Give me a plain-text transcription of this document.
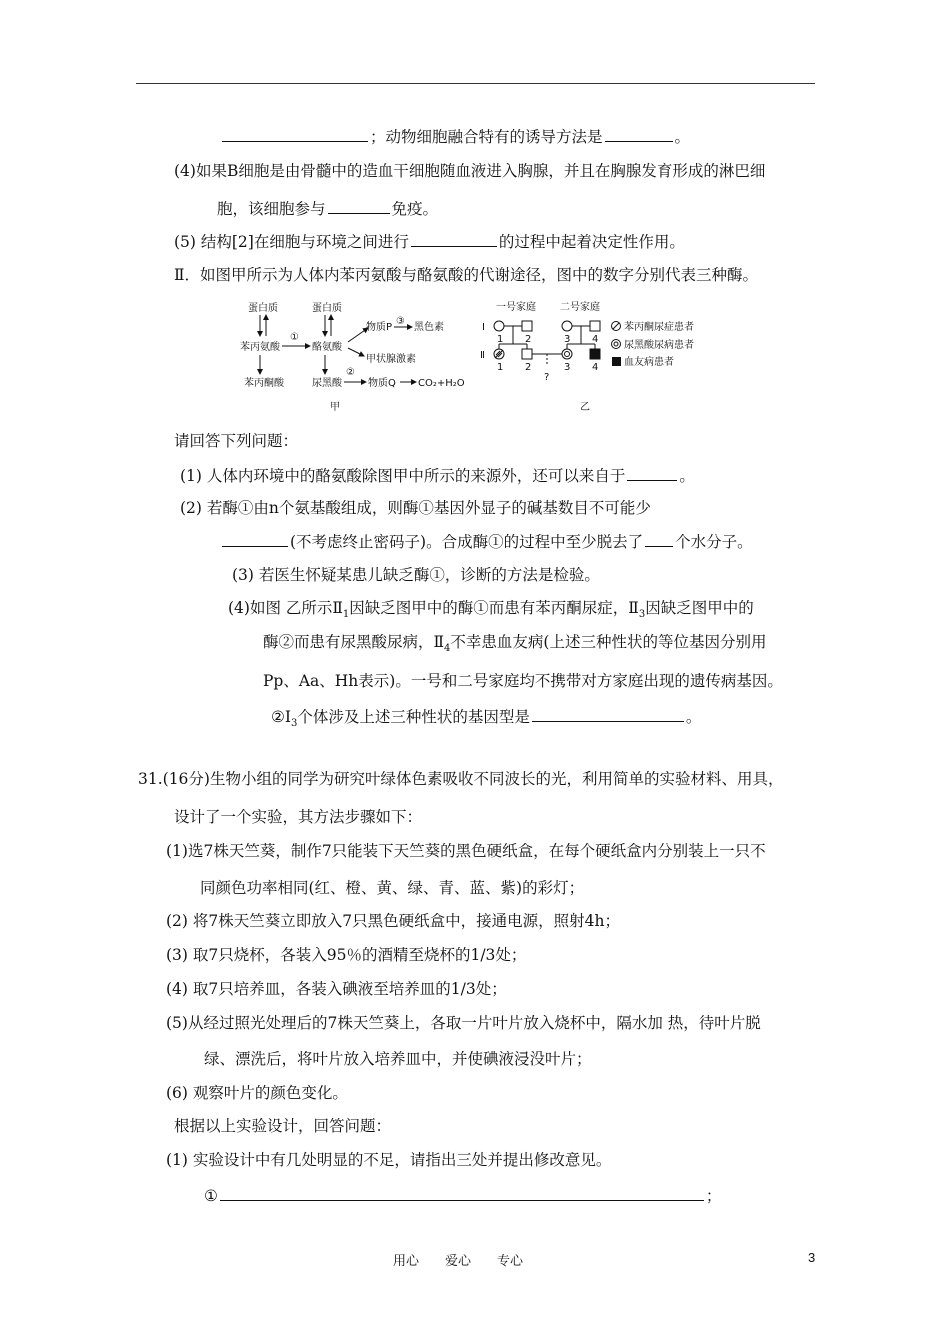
；动物细胞融合特有的诱导方法是	。
(4)如果B细胞是由骨髓中的造血干细胞随血液进入胸腺，并且在胸腺发育形成的淋巴细
胞，该细胞参与	免疫。
(5) 结构[2]在细胞与环境之间进行	的过程中起着决定性作用。
Ⅱ．如图甲所示为人体内苯丙氨酸与酪氨酸的代谢途径，图中的数字分别代表三种酶。
蛋白质	蛋白质
苯丙氨酸
①
酪氨酸
物质P
③
黑色素
甲状腺激素
苯丙酮酸	尿黑酸
②
物质Q CO₂+H₂O
甲
一号家庭 二号家庭
Ⅰ
Ⅱ
1 2	3 4
1 2	3 4
?
苯丙酮尿症患者
尿黑酸尿病患者
血友病患者
乙
请回答下列问题：
(1) 人体内环境中的酪氨酸除图甲中所示的来源外，还可以来自于	。
(2) 若酶①由n个氨基酸组成，则酶①基因外显子的碱基数目不可能少
(不考虑终止密码子)。合成酶①的过程中至少脱去了 个水分子。
(3) 若医生怀疑某患儿缺乏酶①，诊断的方法是检验。
(4)如图 乙所示$Ⅱ_1$因缺乏图甲中的酶①而患有苯丙酮尿症，$Ⅱ_3$因缺乏图甲中的
酶②而患有尿黑酸尿病，$Ⅱ_4$不幸患血友病(上述三种性状的等位基因分别用
Pp、Aa、Hh表示)。一号和二号家庭均不携带对方家庭出现的遗传病基因。
$②Ⅰ_3$个体涉及上述三种性状的基因型是	。
31.(16分)生物小组的同学为研究叶绿体色素吸收不同波长的光，利用简单的实验材料、用具，
设计了一个实验，其方法步骤如下：
(1)选7株天竺葵，制作7只能装下天竺葵的黑色硬纸盒，在每个硬纸盒内分别装上一只不
同颜色功率相同(红、橙、黄、绿、青、蓝、紫)的彩灯；
(2) 将7株天竺葵立即放入7只黑色硬纸盒中，接通电源，照射4h；
(3) 取7只烧杯，各装入95％的酒精至烧杯的1/3处；
(4) 取7只培养皿，各装入碘液至培养皿的1/3处；
(5)从经过照光处理后的7株天竺葵上，各取一片叶片放入烧杯中，隔水加 热，待叶片脱
绿、漂洗后，将叶片放入培养皿中，并使碘液浸没叶片；
(6) 观察叶片的颜色变化。
根据以上实验设计，回答问题：
(1) 实验设计中有几处明显的不足，请指出三处并提出修改意见。
①	；
用心　　爱心　　专心	3
